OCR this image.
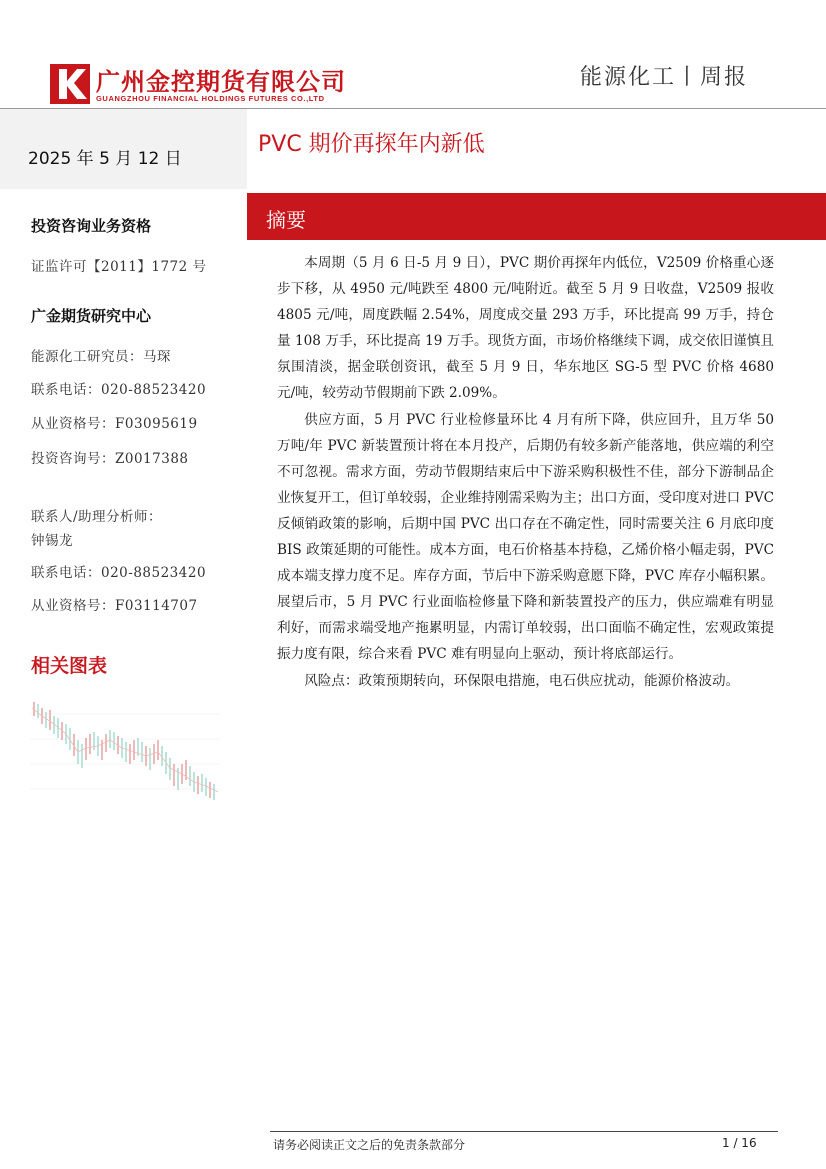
广州金控期货有限公司
GUANGZHOU FINANCIAL HOLDINGS FUTURES CO.,LTD
能源化工丨周报
2025 年 5 月 12 日
投资咨询业务资格
证监许可【2011】1772 号
广金期货研究中心
能源化工研究员：马琛
联系电话：020-88523420
从业资格号：F03095619
投资咨询号：Z0017388
联系人/助理分析师：
钟锡龙
联系电话：020-88523420
从业资格号：F03114707
相关图表
PVC 期价再探年内新低
摘要

本周期（5 月 6 日-5 月 9 日），PVC 期价再探年内低位，V2509 价格重心逐步下移，从 4950 元/吨跌至 4800 元/吨附近。截至 5 月 9 日收盘，V2509 报收 4805 元/吨，周度跌幅 2.54%，周度成交量 293 万手，环比提高 99 万手，持仓量 108 万手，环比提高 19 万手。现货方面，市场价格继续下调，成交依旧谨慎且氛围清淡，据金联创资讯，截至 5 月 9 日，华东地区 SG-5 型 PVC 价格 4680 元/吨，较劳动节假期前下跌 2.09%。

供应方面，5 月 PVC 行业检修量环比 4 月有所下降，供应回升，且万华 50 万吨/年 PVC 新装置预计将在本月投产，后期仍有较多新产能落地，供应端的利空不可忽视。需求方面，劳动节假期结束后中下游采购积极性不佳，部分下游制品企业恢复开工，但订单较弱，企业维持刚需采购为主；出口方面，受印度对进口 PVC 反倾销政策的影响，后期中国 PVC 出口存在不确定性，同时需要关注 6 月底印度 BIS 政策延期的可能性。成本方面，电石价格基本持稳，乙烯价格小幅走弱，PVC 成本端支撑力度不足。库存方面，节后中下游采购意愿下降，PVC 库存小幅积累。展望后市，5 月 PVC 行业面临检修量下降和新装置投产的压力，供应端难有明显利好，而需求端受地产拖累明显，内需订单较弱，出口面临不确定性，宏观政策提振力度有限，综合来看 PVC 难有明显向上驱动，预计将底部运行。

风险点：政策预期转向，环保限电措施，电石供应扰动，能源价格波动。

请务必阅读正文之后的免责条款部分	1 / 16
